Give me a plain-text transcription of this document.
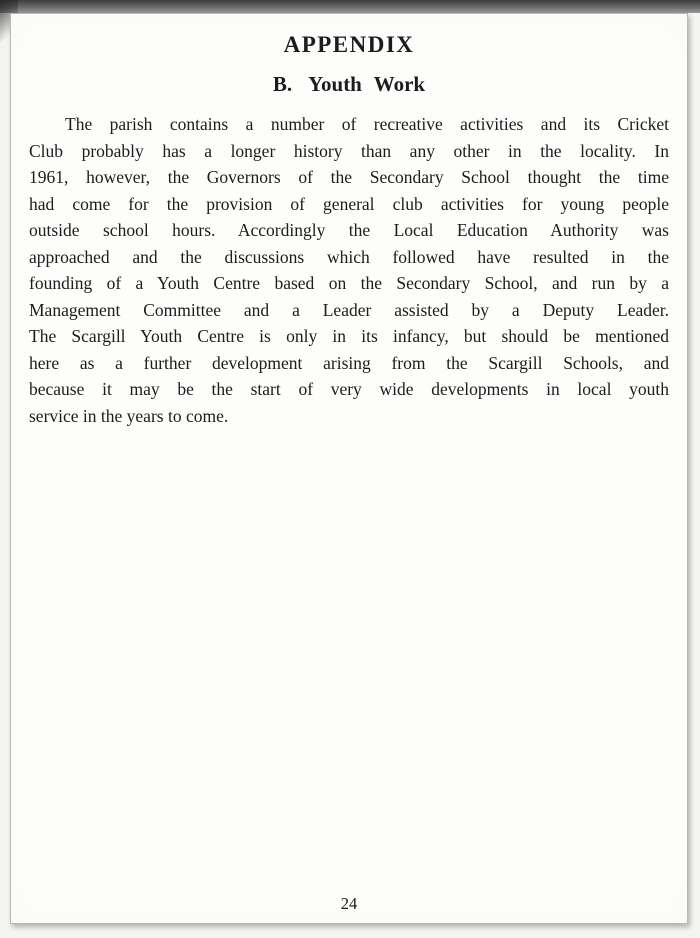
APPENDIX
B. Youth Work
The parish contains a number of recreative activities and its Cricket
Club probably has a longer history than any other in the locality. In
1961, however, the Governors of the Secondary School thought the time
had come for the provision of general club activities for young people
outside school hours. Accordingly the Local Education Authority was
approached and the discussions which followed have resulted in the
founding of a Youth Centre based on the Secondary School, and run by a
Management Committee and a Leader assisted by a Deputy Leader.
The Scargill Youth Centre is only in its infancy, but should be mentioned
here as a further development arising from the Scargill Schools, and
because it may be the start of very wide developments in local youth
service in the years to come.
24
